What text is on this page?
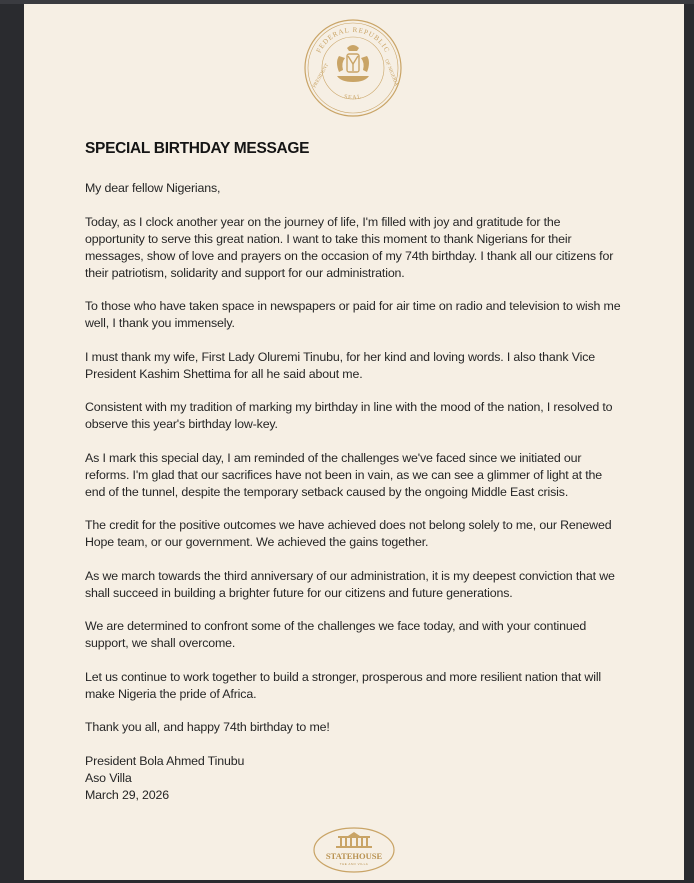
FEDERAL REPUBLIC
PRESIDENT	OF NIGERIA
SEAL
SPECIAL BIRTHDAY MESSAGE

My dear fellow Nigerians,

Today, as I clock another year on the journey of life, I'm filled with joy and gratitude for the opportunity to serve this great nation. I want to take this moment to thank Nigerians for their messages, show of love and prayers on the occasion of my 74th birthday. I thank all our citizens for their patriotism, solidarity and support for our administration.

To those who have taken space in newspapers or paid for air time on radio and television to wish me well, I thank you immensely.

I must thank my wife, First Lady Oluremi Tinubu, for her kind and loving words. I also thank Vice President Kashim Shettima for all he said about me.

Consistent with my tradition of marking my birthday in line with the mood of the nation, I resolved to observe this year's birthday low-key.

As I mark this special day, I am reminded of the challenges we've faced since we initiated our reforms. I'm glad that our sacrifices have not been in vain, as we can see a glimmer of light at the end of the tunnel, despite the temporary setback caused by the ongoing Middle East crisis.

The credit for the positive outcomes we have achieved does not belong solely to me, our Renewed Hope team, or our government. We achieved the gains together.

As we march towards the third anniversary of our administration, it is my deepest conviction that we shall succeed in building a brighter future for our citizens and future generations.

We are determined to confront some of the challenges we face today, and with your continued support, we shall overcome.

Let us continue to work together to build a stronger, prosperous and more resilient nation that will make Nigeria the pride of Africa.

Thank you all, and happy 74th birthday to me!

President Bola Ahmed Tinubu

Aso Villa

March 29, 2026

STATEHOUSE
THE ASO VILLA
